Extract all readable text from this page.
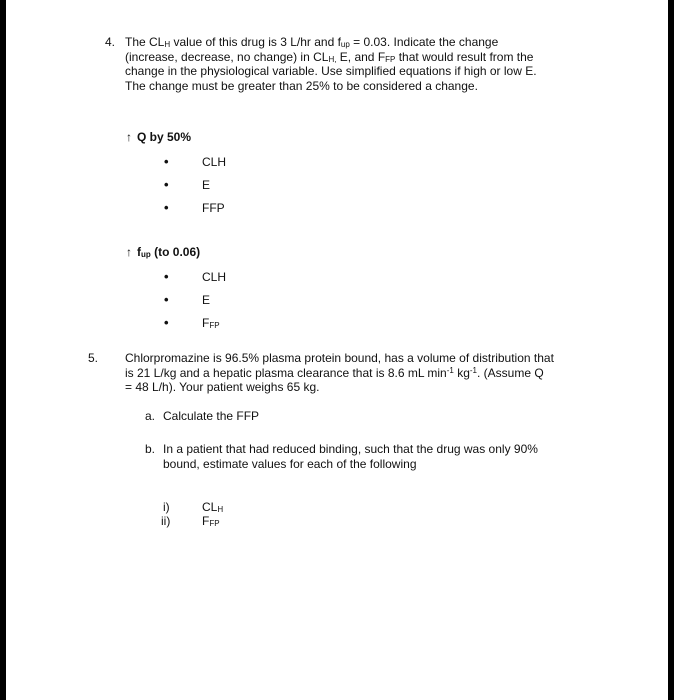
4. The $CL_H$ value of this drug is 3 L/hr and $f_{up} = 0.03$. Indicate the change
(increase, decrease, no change) in $CL_{H,}$ E, and $F_{FP}$ that would result from the
change in the physiological variable. Use simplified equations if high or low E.
The change must be greater than 25% to be considered a change.
↑ Q by 50%
•	CLH
•	E
•	FFP
↑ $f_{up}$ (to 0.06)
•	CLH
•	E
•	$F_{FP}$
5. Chlorpromazine is 96.5% plasma protein bound, has a volume of distribution that
is 21 L/kg and a hepatic plasma clearance that is 8.6 mL $\min^{-1} kg^{-1}$. (Assume Q
= 48 L/h). Your patient weighs 65 kg.
a. Calculate the FFP
b. In a patient that had reduced binding, such that the drug was only 90%
bound, estimate values for each of the following
i)	$CL_H$
ii)	$F_{FP}$
